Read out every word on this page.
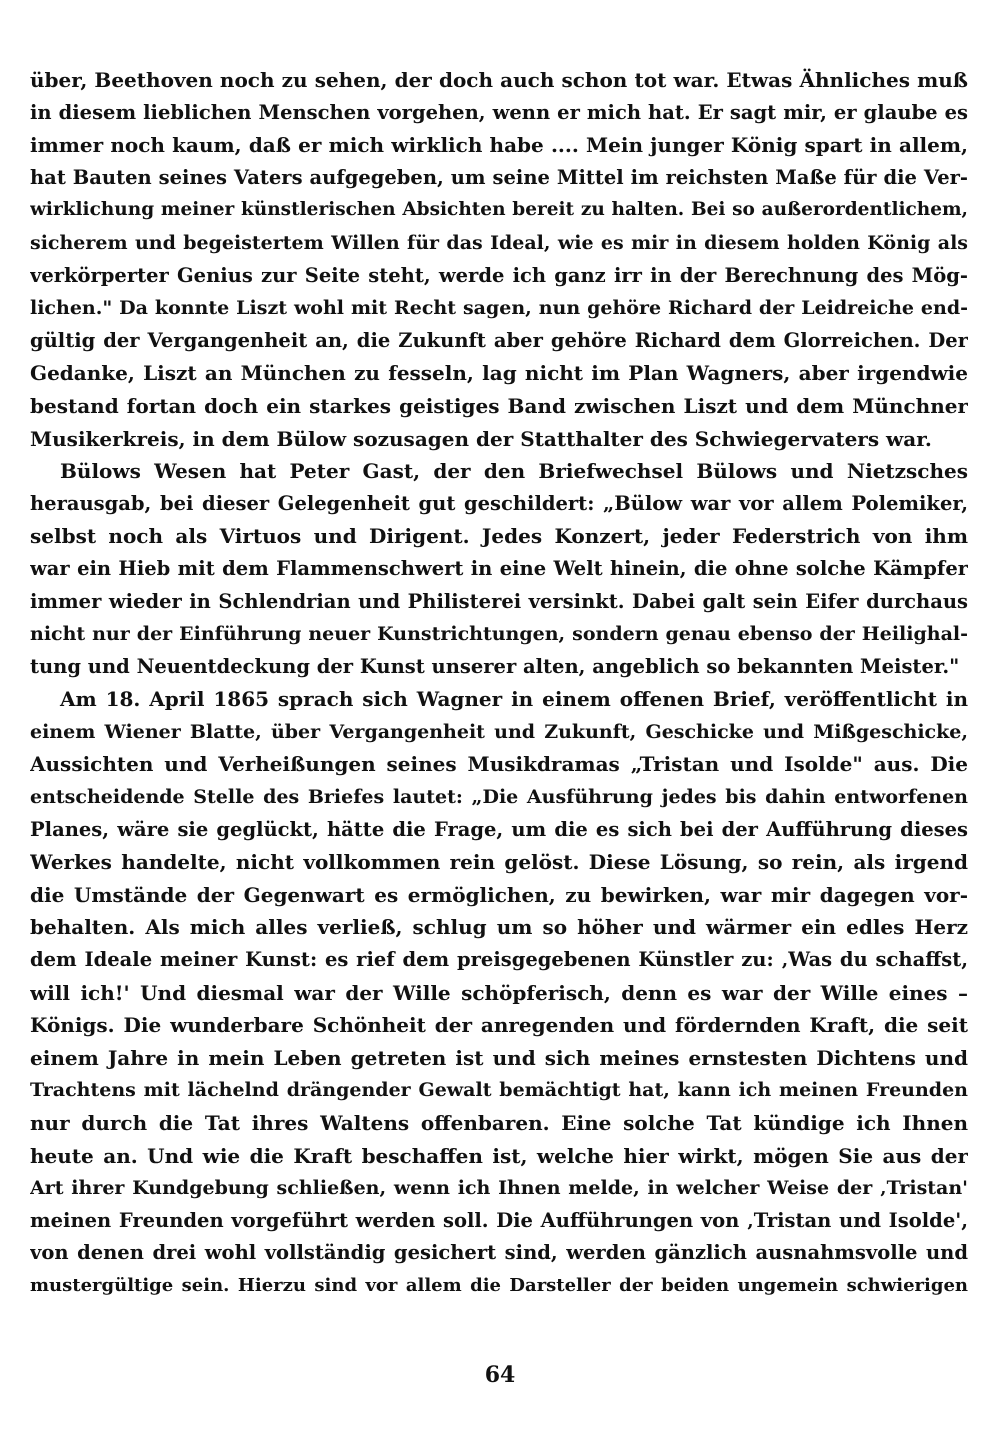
über, Beethoven noch zu sehen, der doch auch schon tot war. Etwas Ähnliches muß
in diesem lieblichen Menschen vorgehen, wenn er mich hat. Er sagt mir, er glaube es
immer noch kaum, daß er mich wirklich habe .... Mein junger König spart in allem,
hat Bauten seines Vaters aufgegeben, um seine Mittel im reichsten Maße für die Ver-
wirklichung meiner künstlerischen Absichten bereit zu halten. Bei so außerordentlichem,
sicherem und begeistertem Willen für das Ideal, wie es mir in diesem holden König als
verkörperter Genius zur Seite steht, werde ich ganz irr in der Berechnung des Mög-
lichen." Da konnte Liszt wohl mit Recht sagen, nun gehöre Richard der Leidreiche end-
gültig der Vergangenheit an, die Zukunft aber gehöre Richard dem Glorreichen. Der
Gedanke, Liszt an München zu fesseln, lag nicht im Plan Wagners, aber irgendwie
bestand fortan doch ein starkes geistiges Band zwischen Liszt und dem Münchner
Musikerkreis, in dem Bülow sozusagen der Statthalter des Schwiegervaters war.
Bülows Wesen hat Peter Gast, der den Briefwechsel Bülows und Nietzsches
herausgab, bei dieser Gelegenheit gut geschildert: „Bülow war vor allem Polemiker,
selbst noch als Virtuos und Dirigent. Jedes Konzert, jeder Federstrich von ihm
war ein Hieb mit dem Flammenschwert in eine Welt hinein, die ohne solche Kämpfer
immer wieder in Schlendrian und Philisterei versinkt. Dabei galt sein Eifer durchaus
nicht nur der Einführung neuer Kunstrichtungen, sondern genau ebenso der Heilighal-
tung und Neuentdeckung der Kunst unserer alten, angeblich so bekannten Meister."
Am 18. April 1865 sprach sich Wagner in einem offenen Brief, veröffentlicht in
einem Wiener Blatte, über Vergangenheit und Zukunft, Geschicke und Mißgeschicke,
Aussichten und Verheißungen seines Musikdramas „Tristan und Isolde" aus. Die
entscheidende Stelle des Briefes lautet: „Die Ausführung jedes bis dahin entworfenen
Planes, wäre sie geglückt, hätte die Frage, um die es sich bei der Aufführung dieses
Werkes handelte, nicht vollkommen rein gelöst. Diese Lösung, so rein, als irgend
die Umstände der Gegenwart es ermöglichen, zu bewirken, war mir dagegen vor-
behalten. Als mich alles verließ, schlug um so höher und wärmer ein edles Herz
dem Ideale meiner Kunst: es rief dem preisgegebenen Künstler zu: ‚Was du schaffst,
will ich!' Und diesmal war der Wille schöpferisch, denn es war der Wille eines –
Königs. Die wunderbare Schönheit der anregenden und fördernden Kraft, die seit
einem Jahre in mein Leben getreten ist und sich meines ernstesten Dichtens und
Trachtens mit lächelnd drängender Gewalt bemächtigt hat, kann ich meinen Freunden
nur durch die Tat ihres Waltens offenbaren. Eine solche Tat kündige ich Ihnen
heute an. Und wie die Kraft beschaffen ist, welche hier wirkt, mögen Sie aus der
Art ihrer Kundgebung schließen, wenn ich Ihnen melde, in welcher Weise der ‚Tristan'
meinen Freunden vorgeführt werden soll. Die Aufführungen von ‚Tristan und Isolde',
von denen drei wohl vollständig gesichert sind, werden gänzlich ausnahmsvolle und
mustergültige sein. Hierzu sind vor allem die Darsteller der beiden ungemein schwierigen
64
